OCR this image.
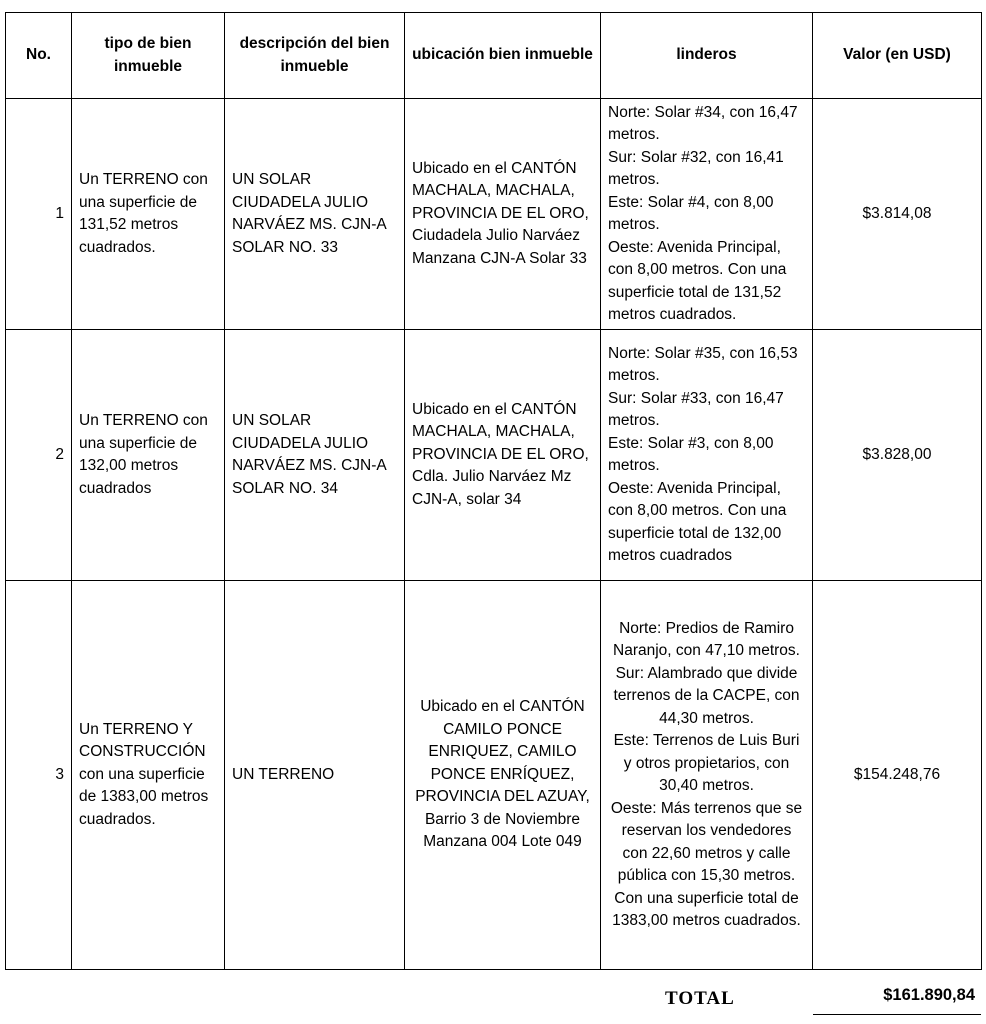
No.	tipo de bien inmueble	descripción del bien inmueble	ubicación bien inmueble	linderos	Valor (en USD)
1	Un TERRENO con una superficie de 131,52 metros cuadrados.	UN SOLAR CIUDADELA JULIO NARVÁEZ MS. CJN-A SOLAR NO. 33	Ubicado en el CANTÓN MACHALA, MACHALA, PROVINCIA DE EL ORO, Ciudadela Julio Narváez Manzana CJN-A Solar 33	Norte: Solar #34, con 16,47 metros.
Sur: Solar #32, con 16,41 metros.
Este: Solar #4, con 8,00 metros.
Oeste: Avenida Principal, con 8,00 metros. Con una superficie total de 131,52 metros cuadrados.	$3.814,08
2	Un TERRENO con una superficie de 132,00 metros cuadrados	UN SOLAR CIUDADELA JULIO NARVÁEZ MS. CJN-A SOLAR NO. 34	Ubicado en el CANTÓN MACHALA, MACHALA, PROVINCIA DE EL ORO, Cdla. Julio Narváez Mz CJN-A, solar 34	Norte: Solar #35, con 16,53 metros.
Sur: Solar #33, con 16,47 metros.
Este: Solar #3, con 8,00 metros.
Oeste: Avenida Principal, con 8,00 metros. Con una superficie total de 132,00 metros cuadrados	$3.828,00
3	Un TERRENO Y CONSTRUCCIÓN con una superficie de 1383,00 metros cuadrados.	UN TERRENO	Ubicado en el CANTÓN CAMILO PONCE ENRIQUEZ, CAMILO PONCE ENRÍQUEZ, PROVINCIA DEL AZUAY, Barrio 3 de Noviembre Manzana 004 Lote 049	Norte: Predios de Ramiro Naranjo, con 47,10 metros.
Sur: Alambrado que divide terrenos de la CACPE, con 44,30 metros.
Este: Terrenos de Luis Buri y otros propietarios, con 30,40 metros.
Oeste: Más terrenos que se reservan los vendedores con 22,60 metros y calle pública con 15,30 metros. Con una superficie total de 1383,00 metros cuadrados.	$154.248,76
TOTAL	$161.890,84
